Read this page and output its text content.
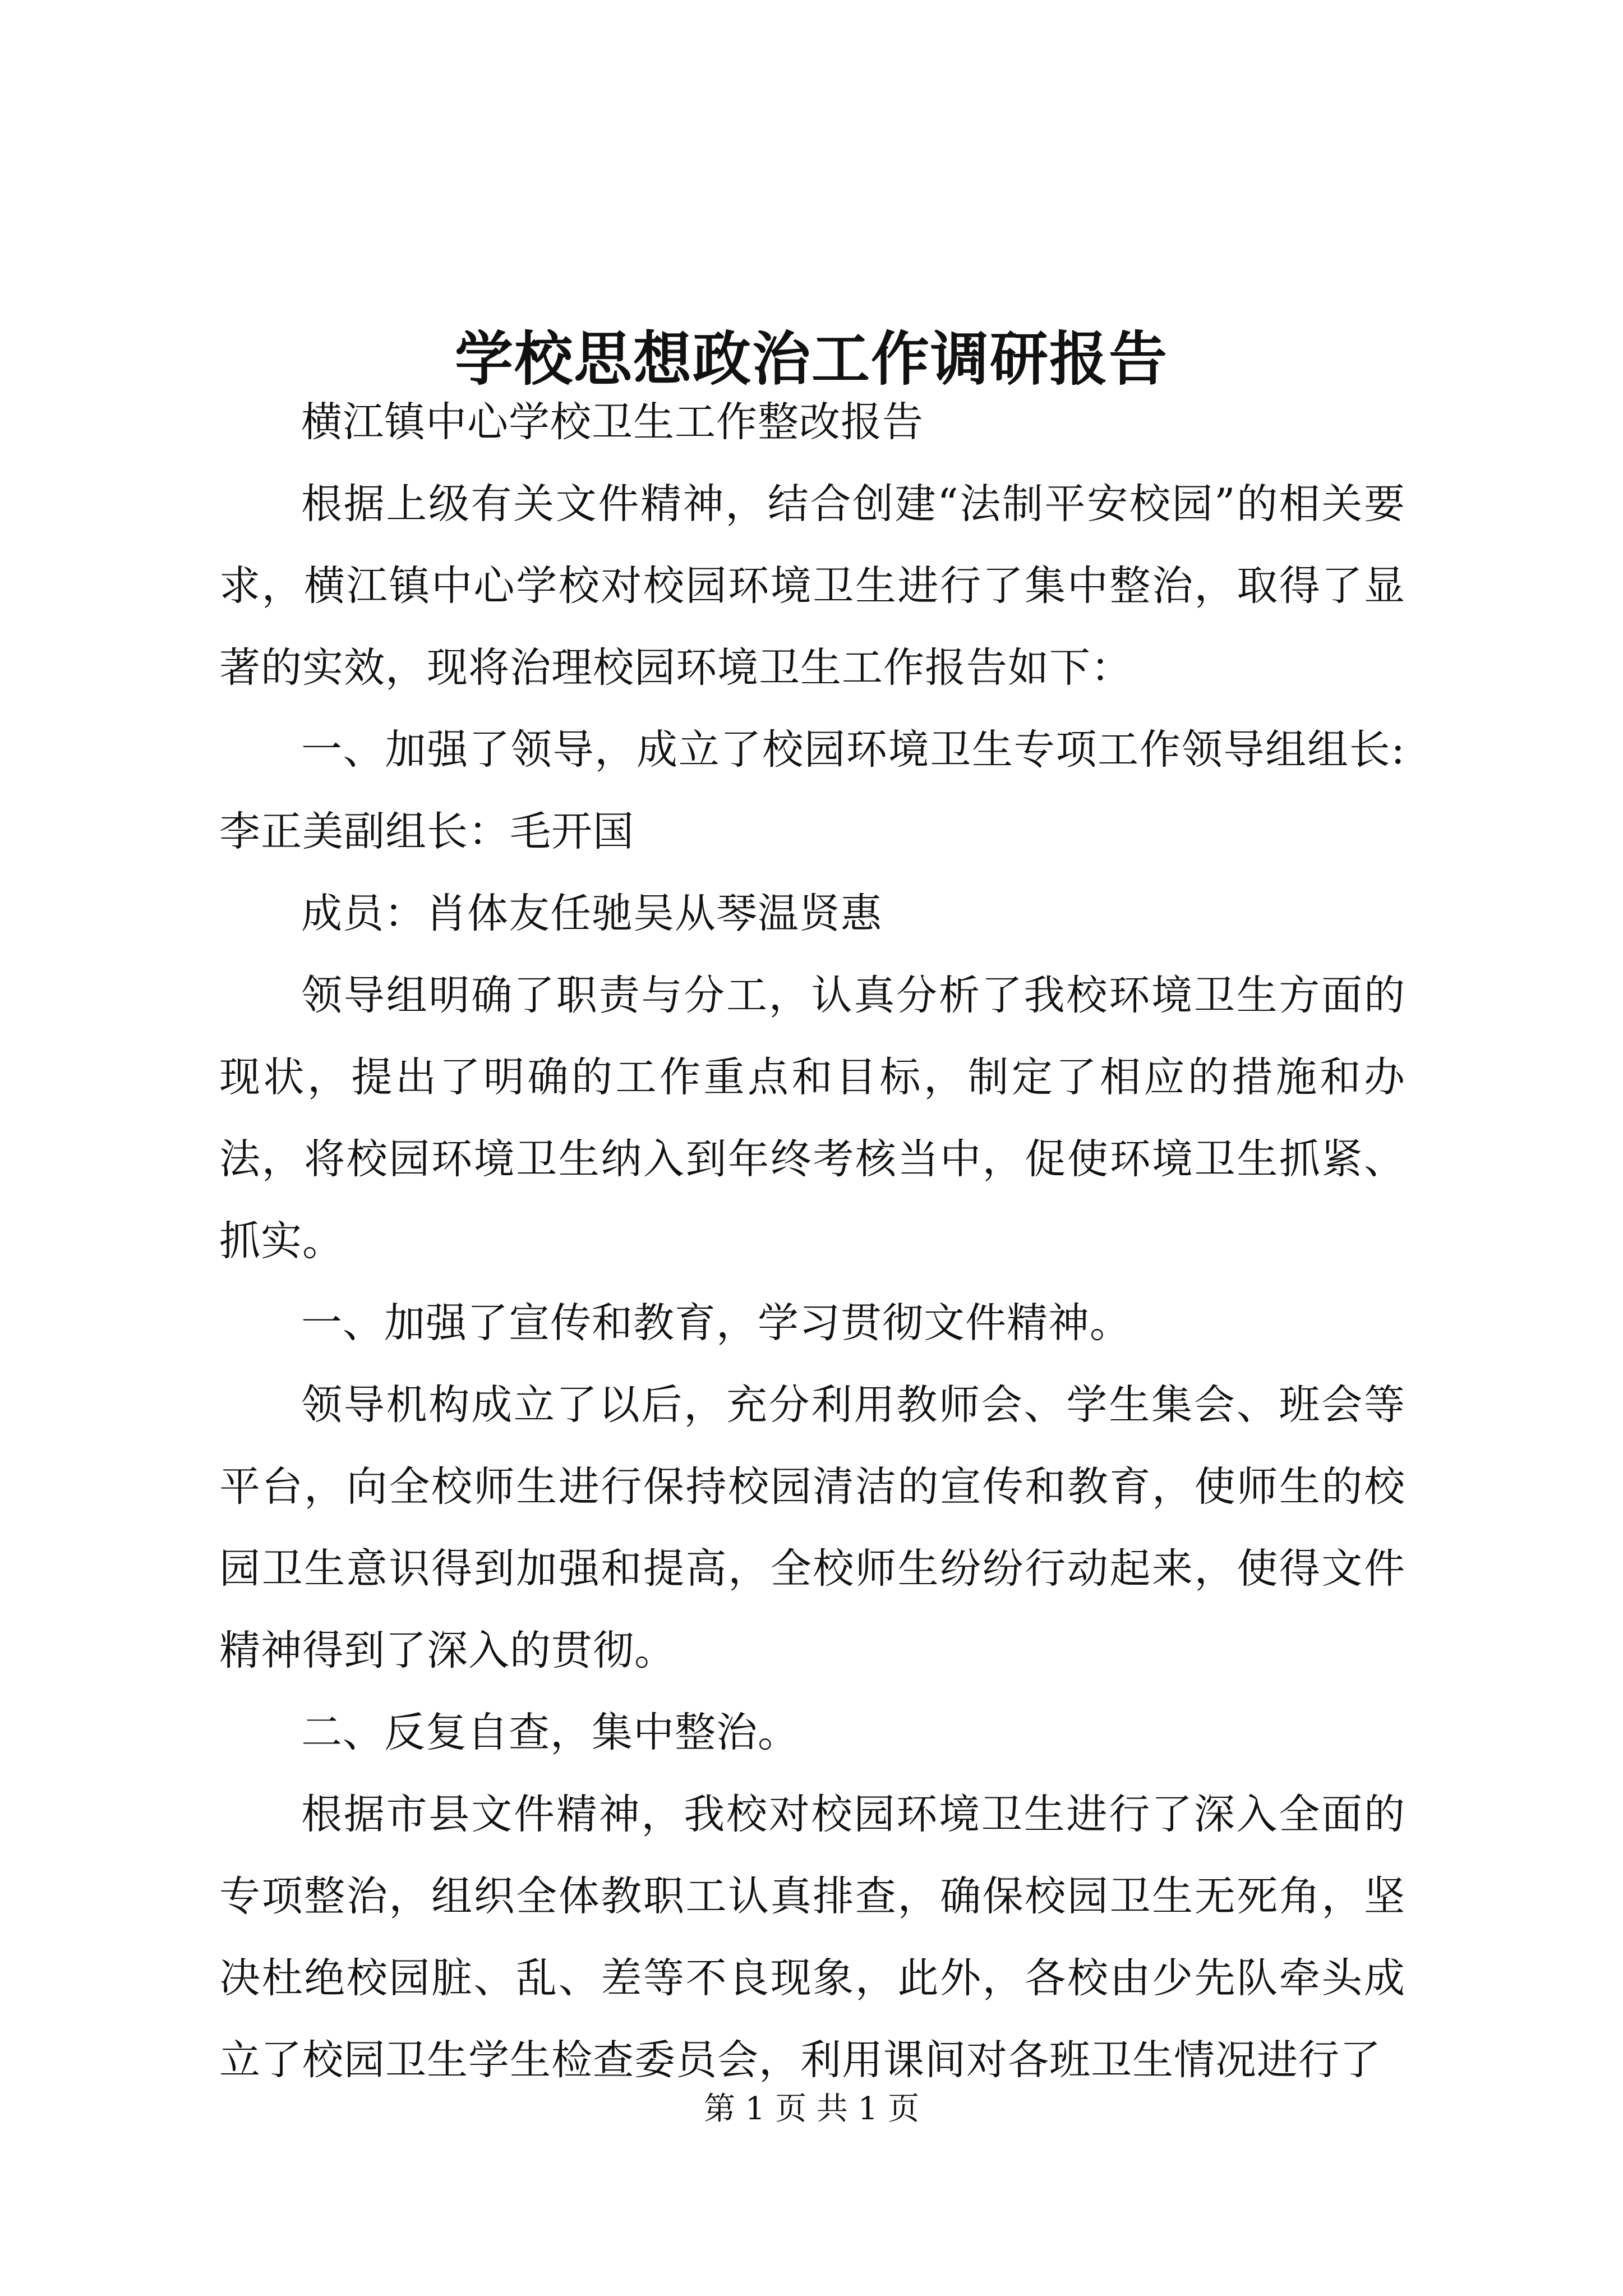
学校思想政治工作调研报告

横江镇中心学校卫生工作整改报告

根据上级有关文件精神，结合创建“法制平安校园”的相关要求，横江镇中心学校对校园环境卫生进行了集中整治，取得了显著的实效，现将治理校园环境卫生工作报告如下：

一、加强了领导，成立了校园环境卫生专项工作领导组组长:李正美副组长：毛开国

成员：肖体友任驰吴从琴温贤惠

领导组明确了职责与分工，认真分析了我校环境卫生方面的现状，提出了明确的工作重点和目标，制定了相应的措施和办法，将校园环境卫生纳入到年终考核当中，促使环境卫生抓紧、抓实。

一、加强了宣传和教育，学习贯彻文件精神。

领导机构成立了以后，充分利用教师会、学生集会、班会等平台，向全校师生进行保持校园清洁的宣传和教育，使师生的校园卫生意识得到加强和提高，全校师生纷纷行动起来，使得文件精神得到了深入的贯彻。

二、反复自查，集中整治。

根据市县文件精神，我校对校园环境卫生进行了深入全面的专项整治，组织全体教职工认真排查，确保校园卫生无死角，坚决杜绝校园脏、乱、差等不良现象，此外，各校由少先队牵头成立了校园卫生学生检查委员会，利用课间对各班卫生情况进行了

第 1 页 共 1 页
